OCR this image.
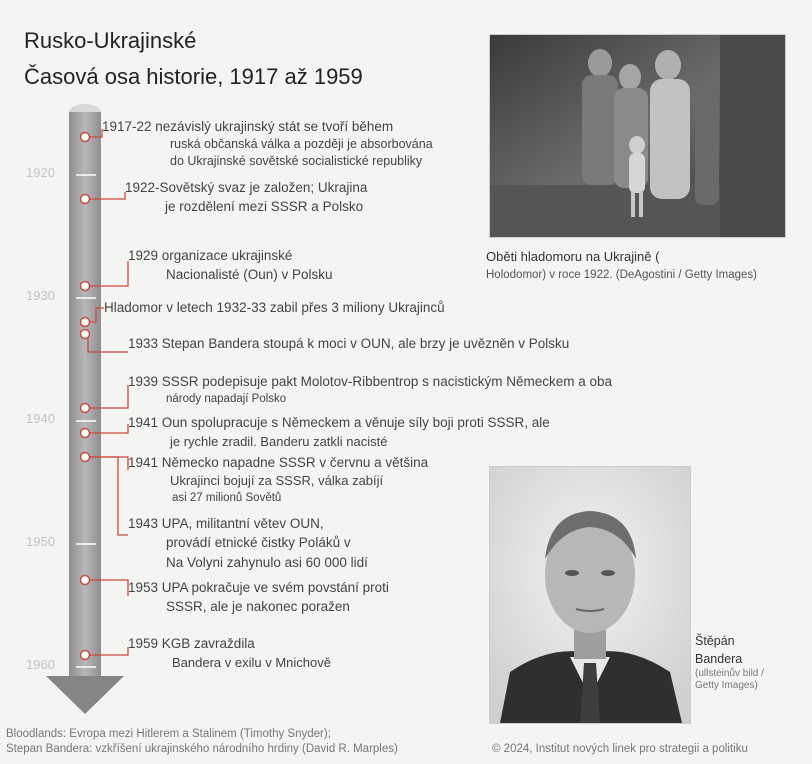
Rusko-Ukrajinské
Časová osa historie, 1917 až 1959
1920
1930
1940
1950
1960
1917-22 nezávislý ukrajinský stát se tvoří během
ruská občanská válka a později je absorbována
do Ukrajinské sovětské socialistické republiky
1922-Sovětský svaz je založen; Ukrajina
je rozdělení mezi SSSR a Polsko
1929 organizace ukrajinské
Nacionalisté (Oun) v Polsku
Hladomor v letech 1932-33 zabil přes 3 miliony Ukrajinců
1933 Stepan Bandera stoupá k moci v OUN, ale brzy je uvězněn v Polsku
1939 SSSR podepisuje pakt Molotov-Ribbentrop s nacistickým Německem a oba
národy napadají Polsko
1941 Oun spolupracuje s Německem a věnuje síly boji proti SSSR, ale
je rychle zradil. Banderu zatkli nacisté
1941 Německo napadne SSSR v červnu a většina
Ukrajinci bojují za SSSR, válka zabíjí
asi 27 milionů Sovětů
1943 UPA, militantní větev OUN,
provádí etnické čistky Poláků v
Na Volyni zahynulo asi 60 000 lidí
1953 UPA pokračuje ve svém povstání proti
SSSR, ale je nakonec poražen
1959 KGB zavraždila
Bandera v exilu v Mnichově
Oběti hladomoru na Ukrajině (
Holodomor) v roce 1922. (DeAgostini / Getty Images)
Štěpán
Bandera
(ullsteinův bild /
Getty Images)
Bloodlands: Evropa mezi Hitlerem a Stalinem (Timothy Snyder);
Stepan Bandera: vzkříšení ukrajinského národního hrdiny (David R. Marples)	© 2024, Institut nových linek pro strategii a politiku
